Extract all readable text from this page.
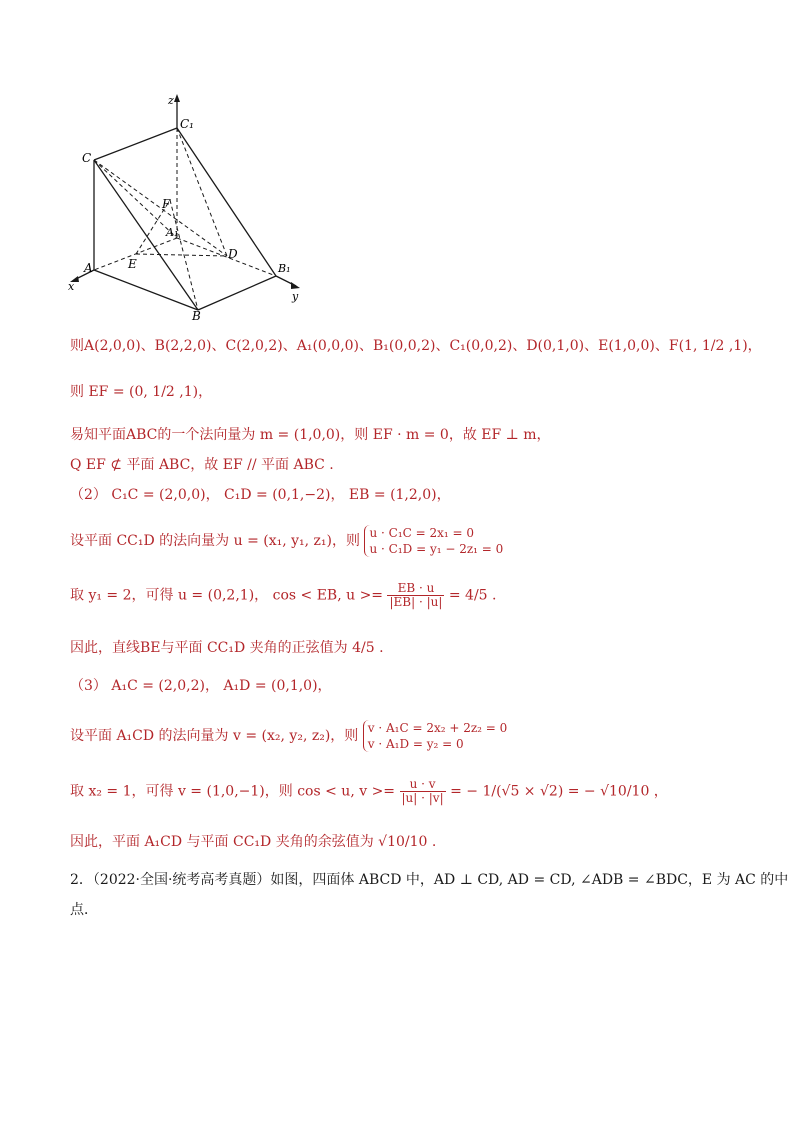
z
C₁
C
F
A₁
D
E
A	B₁
x
B
y
则A(2,0,0)、B(2,2,0)、C(2,0,2)、A₁(0,0,0)、B₁(0,0,2)、C₁(0,0,2)、D(0,1,0)、E(1,0,0)、F(1, 1/2 ,1)，
则 EF = (0, 1/2 ,1)，
易知平面ABC的一个法向量为 m = (1,0,0)，则 EF · m = 0，故 EF ⊥ m，
Q EF ⊄ 平面 ABC，故 EF // 平面 ABC .
（2） C₁C = (2,0,0)， C₁D = (0,1,−2)， EB = (1,2,0)，
设平面 CC₁D 的法向量为 u = (x₁, y₁, z₁)，则 u · C₁C = 2x₁ = 0
u · C₁D = y₁ − 2z₁ = 0
取 y₁ = 2，可得 u = (0,2,1)， cos < EB, $u >= \frac{EB \cdot u}{|EB| \cdot |u|} = 4/5$ .
因此，直线BE与平面 CC₁D 夹角的正弦值为 4/5 .
（3） A₁C = (2,0,2)， A₁D = (0,1,0)，
设平面 A₁CD 的法向量为 v = (x₂, y₂, z₂)，则 v · A₁C = 2x₂ + 2z₂ = 0
v · A₁D = y₂ = 0
取 x₂ = 1，可得 v = (1,0,−1)，则 cos < u, $v >= \frac{u \cdot v}{|u| \cdot |v|}$ = − 1/(√5 × √2) = − √10/10 ，
因此，平面 A₁CD 与平面 CC₁D 夹角的余弦值为 √10/10 .
2．（2022·全国·统考高考真题）如图，四面体 ABCD 中，AD ⊥ CD, AD = CD, ∠ADB = ∠BDC，E 为 AC 的中
点．
